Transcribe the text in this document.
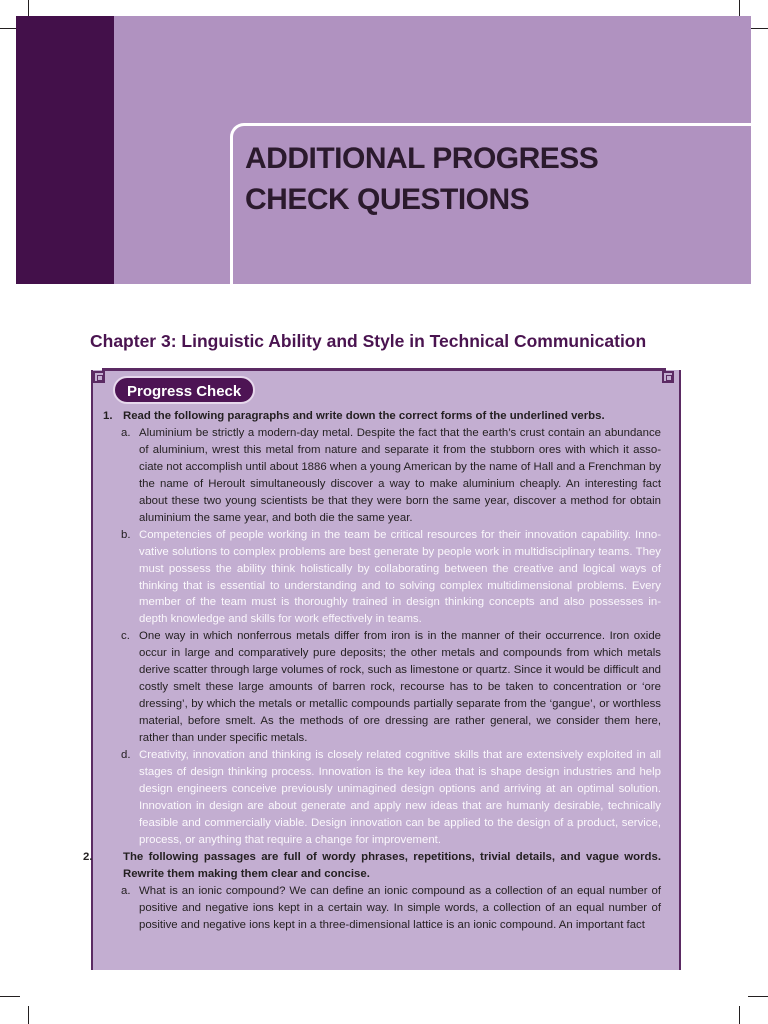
ADDITIONAL PROGRESS
CHECK QUESTIONS
Chapter 3: Linguistic Ability and Style in Technical Communication
Progress Check

1. Read the following paragraphs and write down the correct forms of the underlined verbs.

a. Aluminium be strictly a modern-day metal. Despite the fact that the earth’s crust contain an abundance of aluminium, wrest this metal from nature and separate it from the stubborn ores with which it asso-ciate not accomplish until about 1886 when a young American by the name of Hall and a Frenchman by the name of Heroult simultaneously discover a way to make aluminium cheaply. An interesting fact about these two young scientists be that they were born the same year, discover a method for obtain aluminium the same year, and both die the same year.

b. Competencies of people working in the team be critical resources for their innovation capability. Inno-vative solutions to complex problems are best generate by people work in multidisciplinary teams. They must possess the ability think holistically by collaborating between the creative and logical ways of thinking that is essential to understanding and to solving complex multidimensional problems. Every member of the team must is thoroughly trained in design thinking concepts and also possesses in-depth knowledge and skills for work effectively in teams.

c. One way in which nonferrous metals differ from iron is in the manner of their occurrence. Iron oxide occur in large and comparatively pure deposits; the other metals and compounds from which metals derive scatter through large volumes of rock, such as limestone or quartz. Since it would be difficult and costly smelt these large amounts of barren rock, recourse has to be taken to concentration or ‘ore dressing’, by which the metals or metallic compounds partially separate from the ‘gangue’, or worthless material, before smelt. As the methods of ore dressing are rather general, we consider them here, rather than under specific metals.

d. Creativity, innovation and thinking is closely related cognitive skills that are extensively exploited in all stages of design thinking process. Innovation is the key idea that is shape design industries and help design engineers conceive previously unimagined design options and arriving at an optimal solution. Innovation in design are about generate and apply new ideas that are humanly desirable, technically feasible and commercially viable. Design innovation can be applied to the design of a product, service, process, or anything that require a change for improvement.

2.	The following passages are full of wordy phrases, repetitions, trivial details, and vague words. Rewrite them making them clear and concise.

a. What is an ionic compound? We can define an ionic compound as a collection of an equal number of positive and negative ions kept in a certain way. In simple words, a collection of an equal number of positive and negative ions kept in a three-dimensional lattice is an ionic compound. An important fact
